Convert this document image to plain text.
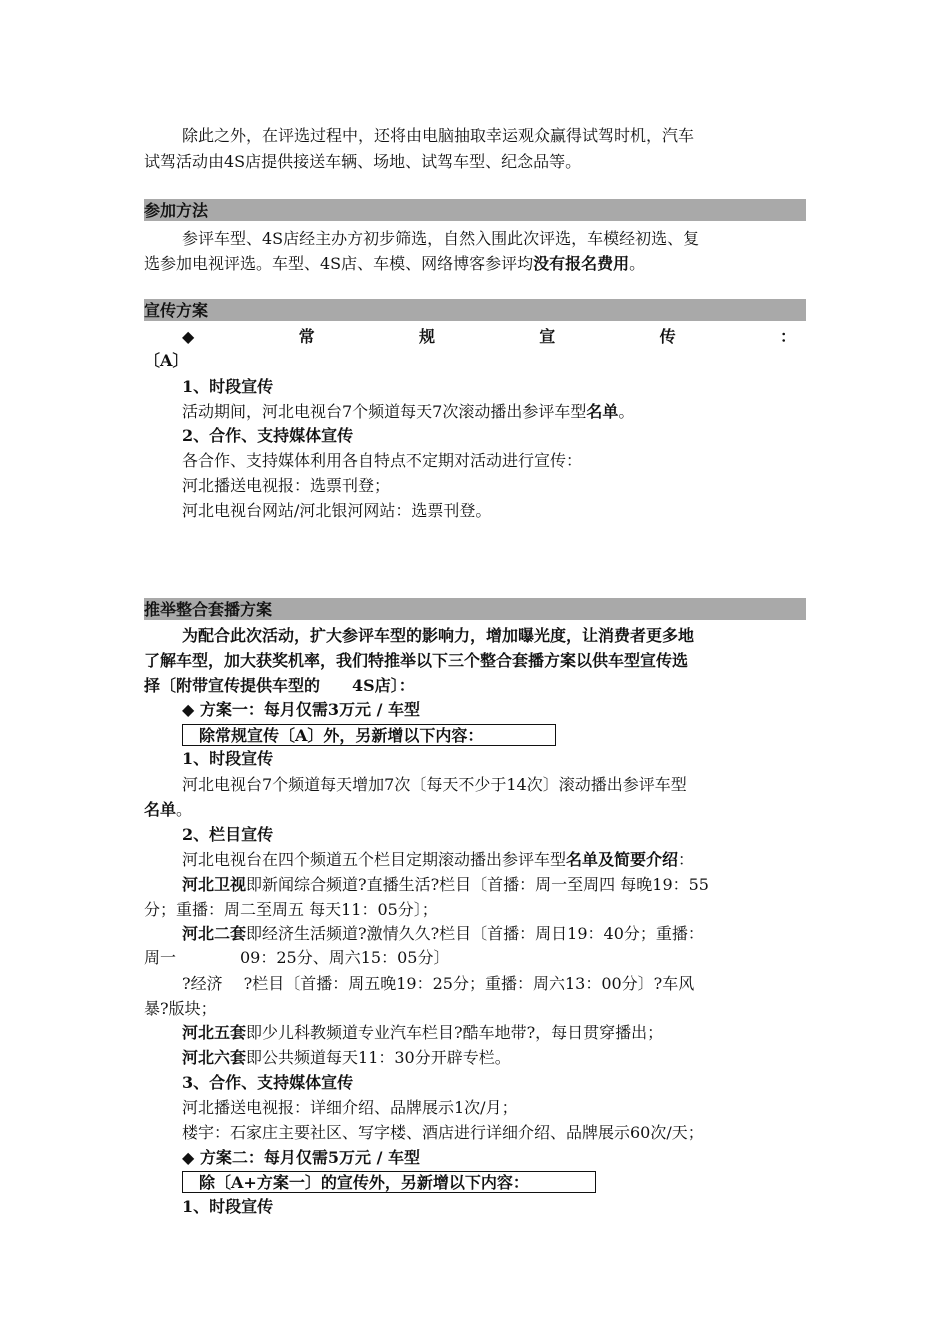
除此之外，在评选过程中，还将由电脑抽取幸运观众赢得试驾时机，汽车
试驾活动由4S店提供接送车辆、场地、试驾车型、纪念品等。
参加方法
参评车型、4S店经主办方初步筛选，自然入围此次评选，车模经初选、复
选参加电视评选。车型、4S店、车模、网络博客参评均没有报名费用。
宣传方案
◆	常	规	宣	传	：
〔A〕
1、时段宣传
活动期间，河北电视台7个频道每天7次滚动播出参评车型名单。
2、合作、支持媒体宣传
各合作、支持媒体利用各自特点不定期对活动进行宣传：
河北播送电视报：选票刊登；
河北电视台网站/河北银河网站：选票刊登。
推举整合套播方案
为配合此次活动，扩大参评车型的影响力，增加曝光度，让消费者更多地
了解车型，加大获奖机率，我们特推举以下三个整合套播方案以供车型宣传选
择〔附带宣传提供车型的　　4S店〕：
◆ 方案一：每月仅需3万元 / 车型
除常规宣传〔A〕外，另新增以下内容：
1、时段宣传
河北电视台7个频道每天增加7次〔每天不少于14次〕滚动播出参评车型
名单。
2、栏目宣传
河北电视台在四个频道五个栏目定期滚动播出参评车型名单及简要介绍：
河北卫视即新闻综合频道?直播生活?栏目〔首播：周一至周四 每晚19：55
分；重播：周二至周五 每天11：05分〕；
河北二套即经济生活频道?激情久久?栏目〔首播：周日19：40分；重播：
周一　　　　09：25分、周六15：05分〕
?经济　 ?栏目〔首播：周五晚19：25分；重播：周六13：00分〕?车风
暴?版块；
河北五套即少儿科教频道专业汽车栏目?酷车地带?，每日贯穿播出；
河北六套即公共频道每天11：30分开辟专栏。
3、合作、支持媒体宣传
河北播送电视报：详细介绍、品牌展示1次/月；
楼宇：石家庄主要社区、写字楼、酒店进行详细介绍、品牌展示60次/天；
◆ 方案二：每月仅需5万元 / 车型
除〔A+方案一〕的宣传外，另新增以下内容：
1、时段宣传
